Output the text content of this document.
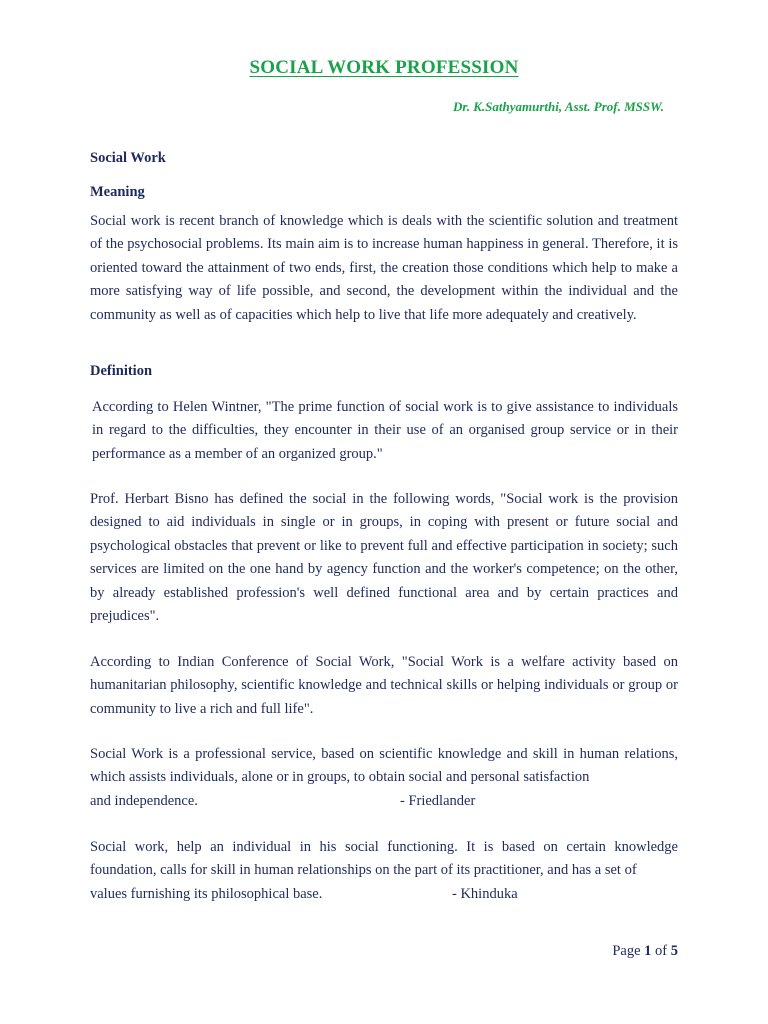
SOCIAL WORK PROFESSION
Dr. K.Sathyamurthi, Asst. Prof. MSSW.
Social Work
Meaning

Social work is recent branch of knowledge which is deals with the scientific solution and treatment of the psychosocial problems. Its main aim is to increase human happiness in general. Therefore, it is oriented toward the attainment of two ends, first, the creation those conditions which help to make a more satisfying way of life possible, and second, the development within the individual and the community as well as of capacities which help to live that life more adequately and creatively.

Definition

According to Helen Wintner, "The prime function of social work is to give assistance to individuals in regard to the difficulties, they encounter in their use of an organised group service or in their performance as a member of an organized group."

Prof. Herbart Bisno has defined the social in the following words, "Social work is the provision designed to aid individuals in single or in groups, in coping with present or future social and psychological obstacles that prevent or like to prevent full and effective participation in society; such services are limited on the one hand by agency function and the worker's competence; on the other, by already established profession's well defined functional area and by certain practices and prejudices".

According to Indian Conference of Social Work, "Social Work is a welfare activity based on humanitarian philosophy, scientific knowledge and technical skills or helping individuals or group or community to live a rich and full life".

Social Work is a professional service, based on scientific knowledge and skill in human relations, which assists individuals, alone or in groups, to obtain social and personal satisfaction
and independence.	- Friedlander
Social work, help an individual in his social functioning. It is based on certain knowledge foundation, calls for skill in human relationships on the part of its practitioner, and has a set of
values furnishing its philosophical base.	- Khinduka
Page 1 of 5
